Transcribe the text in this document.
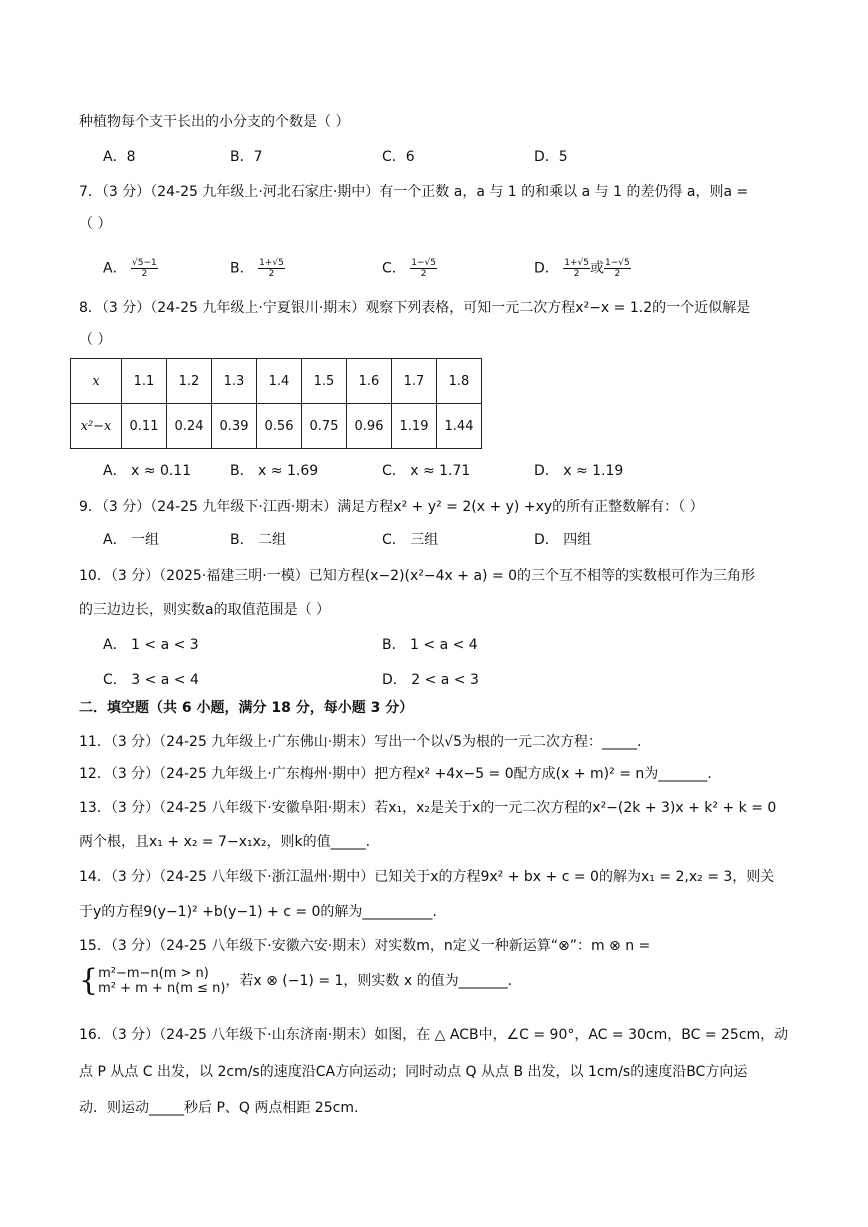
种植物每个支干长出的小分支的个数是（ ）
A．8	B．7	C．6	D．5
7．（3 分）（24-25 九年级上·河北石家庄·期中）有一个正数 a，a 与 1 的和乘以 a 与 1 的差仍得 a，则a =
（ ）
A． $\frac{√5-1}{2}$	B． $\frac{1+√5}{2}$	C． $\frac{1-√5}{2}$	D． $\frac{1+√5}{2}$ 或 $\frac{1-√5}{2}$
8．（3 分）（24-25 九年级上·宁夏银川·期末）观察下列表格，可知一元二次方程x²−x = 1.2的一个近似解是
（ ）
x	1.1	1.2	1.3	1.4	1.5	1.6	1.7	1.8
x²−x	0.11	0.24	0.39	0.56	0.75	0.96	1.19	1.44
A． x ≈ 0.11	B． x ≈ 1.69	C． x ≈ 1.71	D． x ≈ 1.19
9．（3 分）（24-25 九年级下·江西·期末）满足方程x² + y² = 2(x + y) +xy的所有正整数解有：（ ）
A． 一组	B． 二组	C． 三组	D． 四组
10．（3 分）（2025·福建三明·一模）已知方程(x−2)(x²−4x + a) = 0的三个互不相等的实数根可作为三角形
的三边边长，则实数a的取值范围是（ ）
A． 1 < a < 3	B． 1 < a < 4
C． 3 < a < 4	D． 2 < a < 3
二．填空题（共 6 小题，满分 18 分，每小题 3 分）
11．（3 分）（24-25 九年级上·广东佛山·期末）写出一个以√5为根的一元二次方程：_____.
12．（3 分）（24-25 九年级上·广东梅州·期中）把方程x² +4x−5 = 0配方成(x + m)² = n为_______.
13．（3 分）（24-25 八年级下·安徽阜阳·期末）若x₁，x₂是关于x的一元二次方程的x²−(2k + 3)x + k² + k = 0
两个根，且x₁ + x₂ = 7−x₁x₂，则k的值_____.
14．（3 分）（24-25 八年级下·浙江温州·期中）已知关于x的方程9x² + bx + c = 0的解为x₁ = 2,x₂ = 3，则关
于y的方程9(y−1)² +b(y−1) + c = 0的解为__________.
15．（3 分）（24-25 八年级下·安徽六安·期末）对实数m，n定义一种新运算“⊗”：m ⊗ n =
{ m²−m−n(m > n)
m² + m + n(m ≤ n) ，若x ⊗ (−1) = 1，则实数 x 的值为_______.
16．（3 分）（24-25 八年级下·山东济南·期末）如图，在 △ ACB中，∠C = 90°，AC = 30cm，BC = 25cm，动
点 P 从点 C 出发，以 2cm/s的速度沿CA方向运动；同时动点 Q 从点 B 出发，以 1cm/s的速度沿BC方向运
动．则运动_____秒后 P、Q 两点相距 25cm.
